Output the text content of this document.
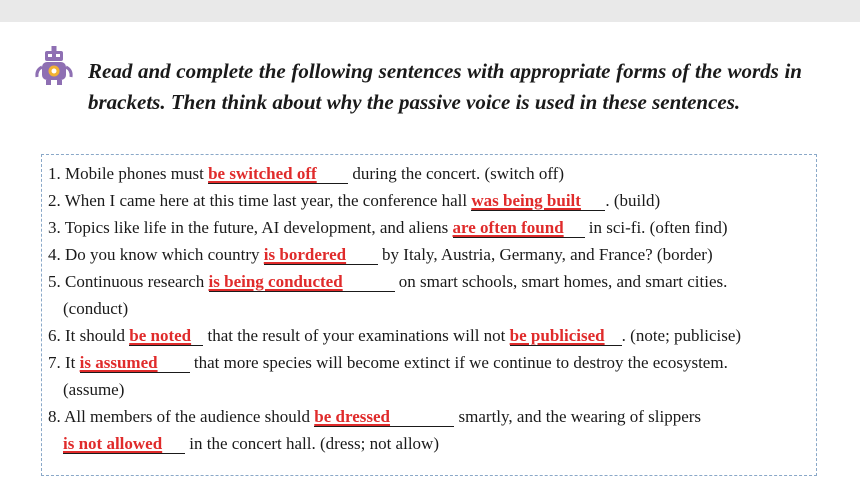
Read and complete the following sentences with appropriate forms of the words in brackets. Then think about why the passive voice is used in these sentences.

1. Mobile phones must be switched off during the concert. (switch off)

2. When I came here at this time last year, the conference hall was being built . (build)

3. Topics like life in the future, AI development, and aliens are often found in sci-fi. (often find)

4. Do you know which country is bordered by Italy, Austria, Germany, and France? (border)

5. Continuous research is being conducted	on smart schools, smart homes, and smart cities.

(conduct)

6. It should be noted that the result of your examinations will not be publicised . (note; publicise)

7. It is assumed that more species will become extinct if we continue to destroy the ecosystem.

(assume)

8. All members of the audience should be dressed	smartly, and the wearing of slippers

is not allowed in the concert hall. (dress; not allow)
